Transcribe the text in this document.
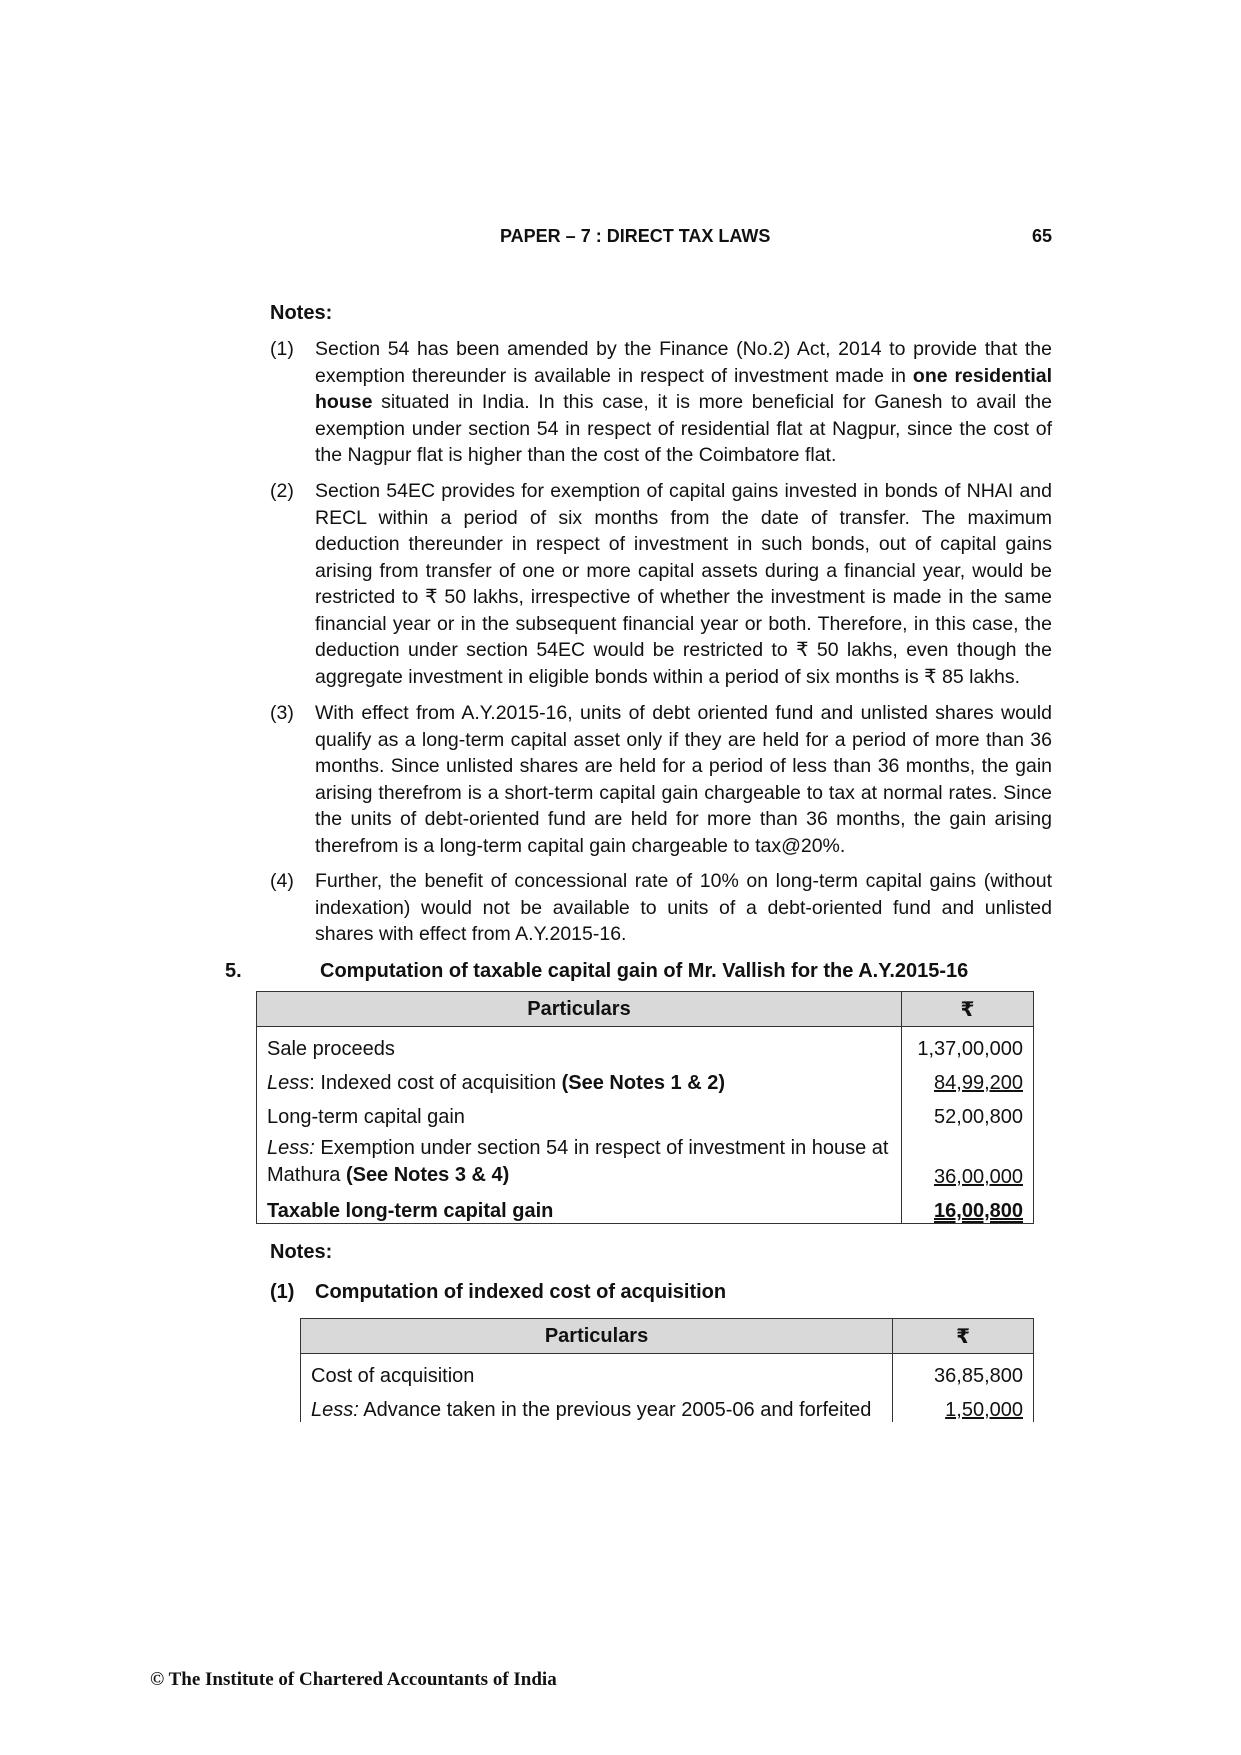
PAPER – 7 : DIRECT TAX LAWS	65
Notes:
(1) Section 54 has been amended by the Finance (No.2) Act, 2014 to provide that the exemption thereunder is available in respect of investment made in one residential house situated in India. In this case, it is more beneficial for Ganesh to avail the exemption under section 54 in respect of residential flat at Nagpur, since the cost of the Nagpur flat is higher than the cost of the Coimbatore flat.
(2) Section 54EC provides for exemption of capital gains invested in bonds of NHAI and RECL within a period of six months from the date of transfer. The maximum deduction thereunder in respect of investment in such bonds, out of capital gains arising from transfer of one or more capital assets during a financial year, would be restricted to ₹ 50 lakhs, irrespective of whether the investment is made in the same financial year or in the subsequent financial year or both. Therefore, in this case, the deduction under section 54EC would be restricted to ₹ 50 lakhs, even though the aggregate investment in eligible bonds within a period of six months is ₹ 85 lakhs.
(3) With effect from A.Y.2015-16, units of debt oriented fund and unlisted shares would qualify as a long-term capital asset only if they are held for a period of more than 36 months. Since unlisted shares are held for a period of less than 36 months, the gain arising therefrom is a short-term capital gain chargeable to tax at normal rates. Since the units of debt-oriented fund are held for more than 36 months, the gain arising therefrom is a long-term capital gain chargeable to tax@20%.
(4) Further, the benefit of concessional rate of 10% on long-term capital gains (without indexation) would not be available to units of a debt-oriented fund and unlisted shares with effect from A.Y.2015-16.
5.	Computation of taxable capital gain of Mr. Vallish for the A.Y.2015-16
Particulars	₹
Sale proceeds	1,37,00,000
Less: Indexed cost of acquisition (See Notes 1 & 2)	84,99,200
Long-term capital gain	52,00,800
Less: Exemption under section 54 in respect of investment in house at Mathura (See Notes 3 & 4)	36,00,000
Taxable long-term capital gain	16,00,800
Notes:
(1) Computation of indexed cost of acquisition
Particulars	₹
Cost of acquisition	36,85,800
Less: Advance taken in the previous year 2005-06 and forfeited	1,50,000
© The Institute of Chartered Accountants of India
